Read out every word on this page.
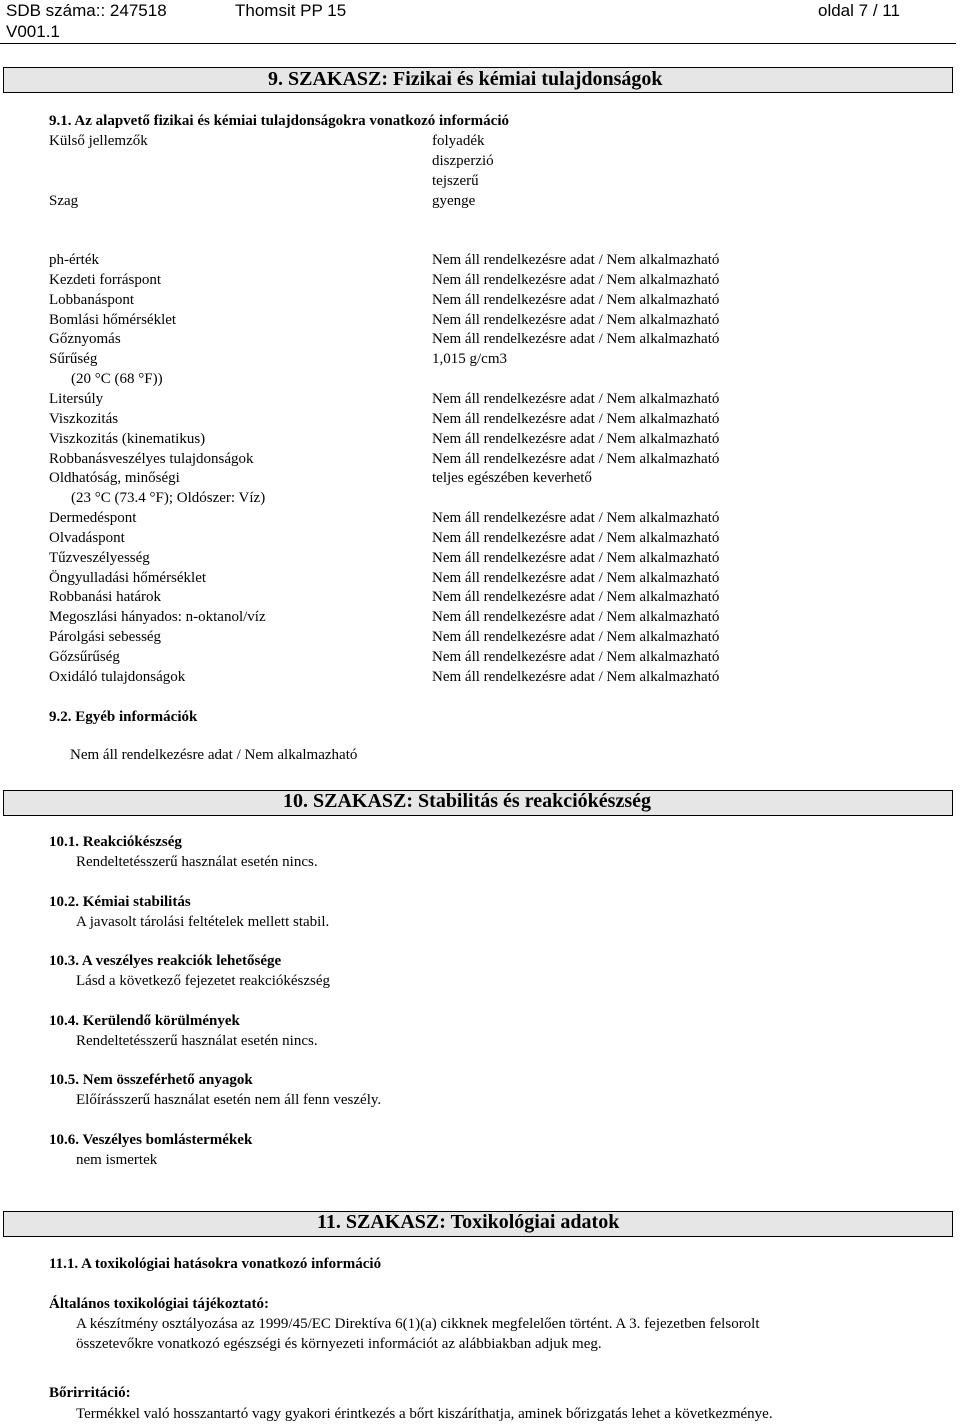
SDB száma:: 247518	Thomsit PP 15	oldal 7 / 11
V001.1
9. SZAKASZ: Fizikai és kémiai tulajdonságok
9.1. Az alapvető fizikai és kémiai tulajdonságokra vonatkozó információ
Külső jellemzők	folyadék
diszperzió
tejszerű
Szag	gyenge
ph-érték	Nem áll rendelkezésre adat / Nem alkalmazható
Kezdeti forráspont	Nem áll rendelkezésre adat / Nem alkalmazható
Lobbanáspont	Nem áll rendelkezésre adat / Nem alkalmazható
Bomlási hőmérséklet	Nem áll rendelkezésre adat / Nem alkalmazható
Gőznyomás	Nem áll rendelkezésre adat / Nem alkalmazható
Sűrűség	1,015 g/cm3
(20 °C (68 °F))
Litersúly	Nem áll rendelkezésre adat / Nem alkalmazható
Viszkozitás	Nem áll rendelkezésre adat / Nem alkalmazható
Viszkozitás (kinematikus)	Nem áll rendelkezésre adat / Nem alkalmazható
Robbanásveszélyes tulajdonságok	Nem áll rendelkezésre adat / Nem alkalmazható
Oldhatóság, minőségi	teljes egészében keverhető
(23 °C (73.4 °F); Oldószer: Víz)
Dermedéspont	Nem áll rendelkezésre adat / Nem alkalmazható
Olvadáspont	Nem áll rendelkezésre adat / Nem alkalmazható
Tűzveszélyesség	Nem áll rendelkezésre adat / Nem alkalmazható
Öngyulladási hőmérséklet	Nem áll rendelkezésre adat / Nem alkalmazható
Robbanási határok	Nem áll rendelkezésre adat / Nem alkalmazható
Megoszlási hányados: n-oktanol/víz	Nem áll rendelkezésre adat / Nem alkalmazható
Párolgási sebesség	Nem áll rendelkezésre adat / Nem alkalmazható
Gőzsűrűség	Nem áll rendelkezésre adat / Nem alkalmazható
Oxidáló tulajdonságok	Nem áll rendelkezésre adat / Nem alkalmazható
9.2. Egyéb információk
Nem áll rendelkezésre adat / Nem alkalmazható
10. SZAKASZ: Stabilitás és reakciókészség
10.1. Reakciókészség
Rendeltetésszerű használat esetén nincs.
10.2. Kémiai stabilitás
A javasolt tárolási feltételek mellett stabil.
10.3. A veszélyes reakciók lehetősége
Lásd a következő fejezetet reakciókészség
10.4. Kerülendő körülmények
Rendeltetésszerű használat esetén nincs.
10.5. Nem összeférhető anyagok
Előírásszerű használat esetén nem áll fenn veszély.
10.6. Veszélyes bomlástermékek
nem ismertek
11. SZAKASZ: Toxikológiai adatok
11.1. A toxikológiai hatásokra vonatkozó információ
Általános toxikológiai tájékoztató:
A készítmény osztályozása az 1999/45/EC Direktíva 6(1)(a) cikknek megfelelően történt. A 3. fejezetben felsorolt
összetevőkre vonatkozó egészségi és környezeti információt az alábbiakban adjuk meg.
Bőrirritáció:
Termékkel való hosszantartó vagy gyakori érintkezés a bőrt kiszáríthatja, aminek bőrizgatás lehet a következménye.
